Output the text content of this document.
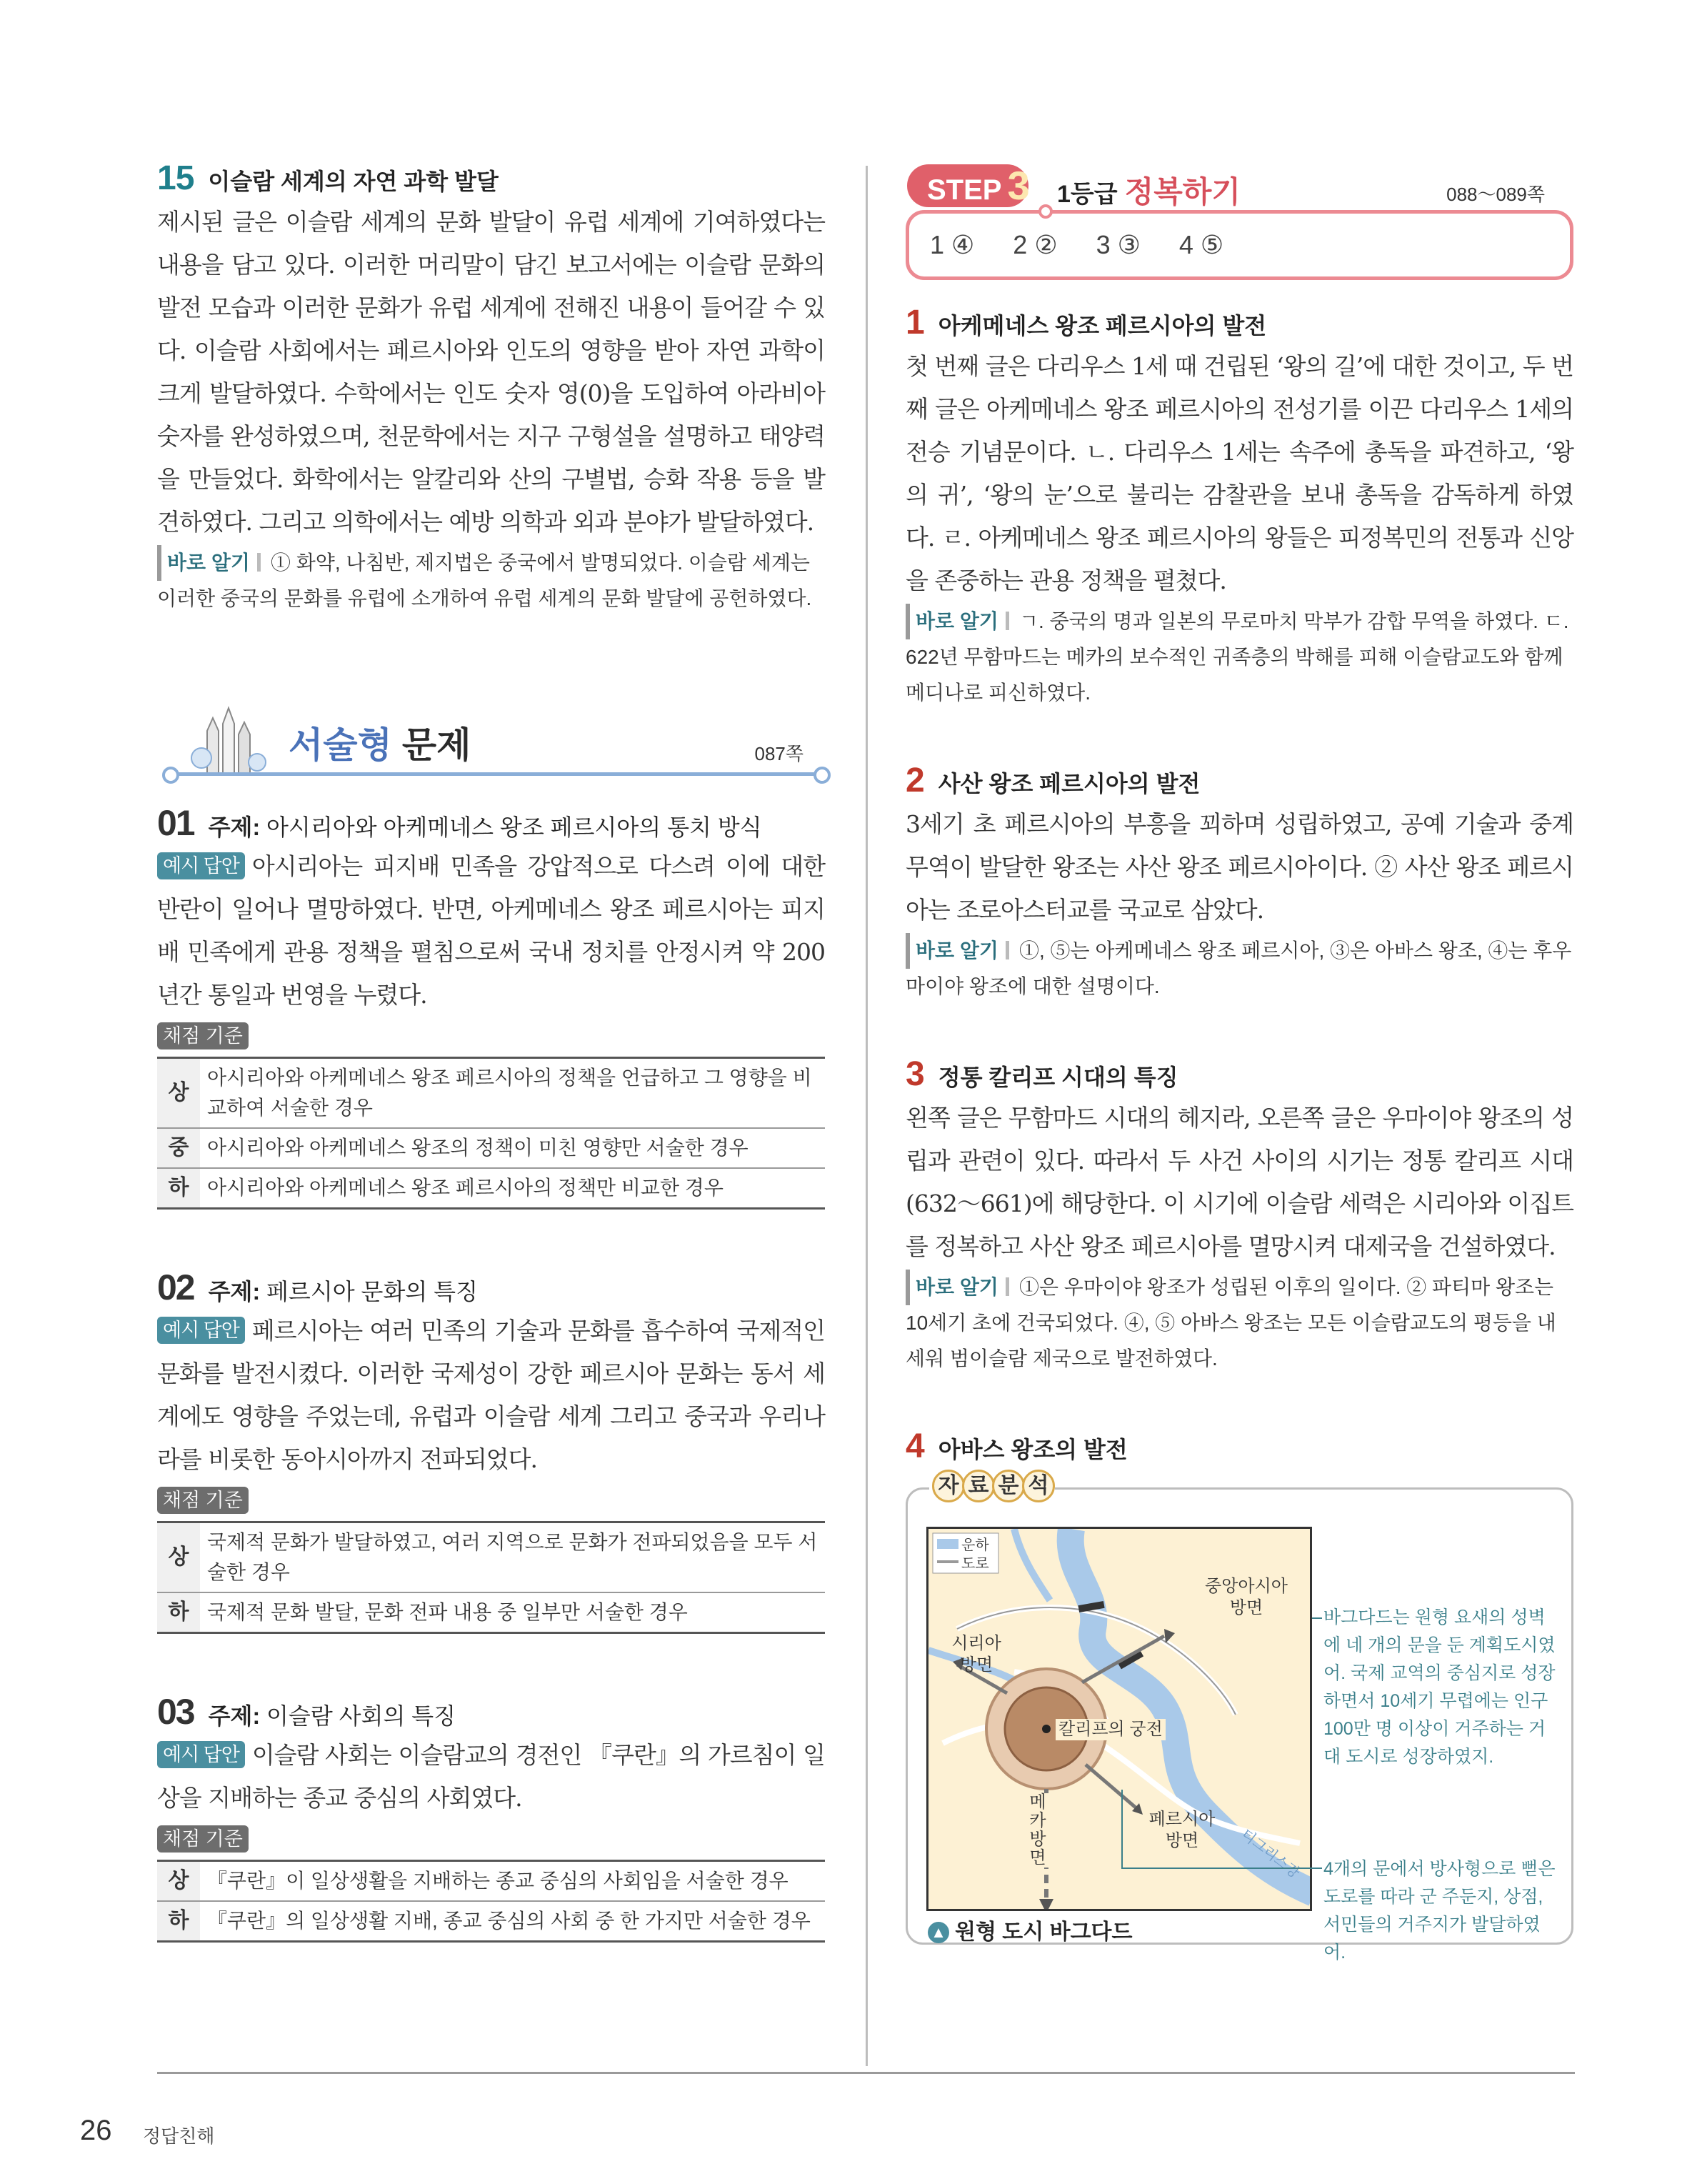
15 이슬람 세계의 자연 과학 발달

제시된 글은 이슬람 세계의 문화 발달이 유럽 세계에 기여하였다는 내용을 담고 있다. 이러한 머리말이 담긴 보고서에는 이슬람 문화의 발전 모습과 이러한 문화가 유럽 세계에 전해진 내용이 들어갈 수 있다. 이슬람 사회에서는 페르시아와 인도의 영향을 받아 자연 과학이 크게 발달하였다. 수학에서는 인도 숫자 영(0)을 도입하여 아라비아 숫자를 완성하였으며, 천문학에서는 지구 구형설을 설명하고 태양력을 만들었다. 화학에서는 알칼리와 산의 구별법, 승화 작용 등을 발견하였다. 그리고 의학에서는 예방 의학과 외과 분야가 발달하였다.

바로 알기 ① 화약, 나침반, 제지법은 중국에서 발명되었다. 이슬람 세계는 이러한 중국의 문화를 유럽에 소개하여 유럽 세계의 문화 발달에 공헌하였다.

서술형 문제	087쪽
01 주제: 아시리아와 아케메네스 왕조 페르시아의 통치 방식

예시 답안 아시리아는 피지배 민족을 강압적으로 다스려 이에 대한 반란이 일어나 멸망하였다. 반면, 아케메네스 왕조 페르시아는 피지배 민족에게 관용 정책을 펼침으로써 국내 정치를 안정시켜 약 200년간 통일과 번영을 누렸다.

채점 기준
상	아시리아와 아케메네스 왕조 페르시아의 정책을 언급하고 그 영향을 비교하여 서술한 경우
중	아시리아와 아케메네스 왕조의 정책이 미친 영향만 서술한 경우
하	아시리아와 아케메네스 왕조 페르시아의 정책만 비교한 경우
02 주제: 페르시아 문화의 특징

예시 답안 페르시아는 여러 민족의 기술과 문화를 흡수하여 국제적인 문화를 발전시켰다. 이러한 국제성이 강한 페르시아 문화는 동서 세계에도 영향을 주었는데, 유럽과 이슬람 세계 그리고 중국과 우리나라를 비롯한 동아시아까지 전파되었다.

채점 기준
상	국제적 문화가 발달하였고, 여러 지역으로 문화가 전파되었음을 모두 서술한 경우
하	국제적 문화 발달, 문화 전파 내용 중 일부만 서술한 경우
03 주제: 이슬람 사회의 특징

예시 답안 이슬람 사회는 이슬람교의 경전인 『쿠란』의 가르침이 일상을 지배하는 종교 중심의 사회였다.

채점 기준
상	『쿠란』이 일상생활을 지배하는 종교 중심의 사회임을 서술한 경우
하	『쿠란』의 일상생활 지배, 종교 중심의 사회 중 한 가지만 서술한 경우
STEP 3 1등급 정복하기	088～089쪽
1 ④ 2 ② 3 ③ 4 ⑤
1 아케메네스 왕조 페르시아의 발전

첫 번째 글은 다리우스 1세 때 건립된 ‘왕의 길’에 대한 것이고, 두 번째 글은 아케메네스 왕조 페르시아의 전성기를 이끈 다리우스 1세의 전승 기념문이다. ㄴ. 다리우스 1세는 속주에 총독을 파견하고, ‘왕의 귀’, ‘왕의 눈’으로 불리는 감찰관을 보내 총독을 감독하게 하였다. ㄹ. 아케메네스 왕조 페르시아의 왕들은 피정복민의 전통과 신앙을 존중하는 관용 정책을 펼쳤다.

바로 알기 ㄱ. 중국의 명과 일본의 무로마치 막부가 감합 무역을 하였다. ㄷ. 622년 무함마드는 메카의 보수적인 귀족층의 박해를 피해 이슬람교도와 함께 메디나로 피신하였다.

2 사산 왕조 페르시아의 발전

3세기 초 페르시아의 부흥을 꾀하며 성립하였고, 공예 기술과 중계 무역이 발달한 왕조는 사산 왕조 페르시아이다. ② 사산 왕조 페르시아는 조로아스터교를 국교로 삼았다.

바로 알기 ①, ⑤는 아케메네스 왕조 페르시아, ③은 아바스 왕조, ④는 후우마이야 왕조에 대한 설명이다.

3 정통 칼리프 시대의 특징

왼쪽 글은 무함마드 시대의 헤지라, 오른쪽 글은 우마이야 왕조의 성립과 관련이 있다. 따라서 두 사건 사이의 시기는 정통 칼리프 시대(632～661)에 해당한다. 이 시기에 이슬람 세력은 시리아와 이집트를 정복하고 사산 왕조 페르시아를 멸망시켜 대제국을 건설하였다.

바로 알기 ①은 우마이야 왕조가 성립된 이후의 일이다. ② 파티마 왕조는 10세기 초에 건국되었다. ④, ⑤ 아바스 왕조는 모든 이슬람교도의 평등을 내세워 범이슬람 제국으로 발전하였다.

4 아바스 왕조의 발전
자 료 분 석
운하
도로
시리아
방면
중앙아시아
방면
칼리프의 궁전
메카 방면
페르시아
방면	티그리스강
바그다드는 원형 요새의 성벽에 네 개의 문을 둔 계획도시였어. 국제 교역의 중심지로 성장하면서 10세기 무렵에는 인구 100만 명 이상이 거주하는 거대 도시로 성장하였지.
4개의 문에서 방사형으로 뻗은 도로를 따라 군 주둔지, 상점, 서민들의 거주지가 발달하였어.
▲ 원형 도시 바그다드
26 정답친해
